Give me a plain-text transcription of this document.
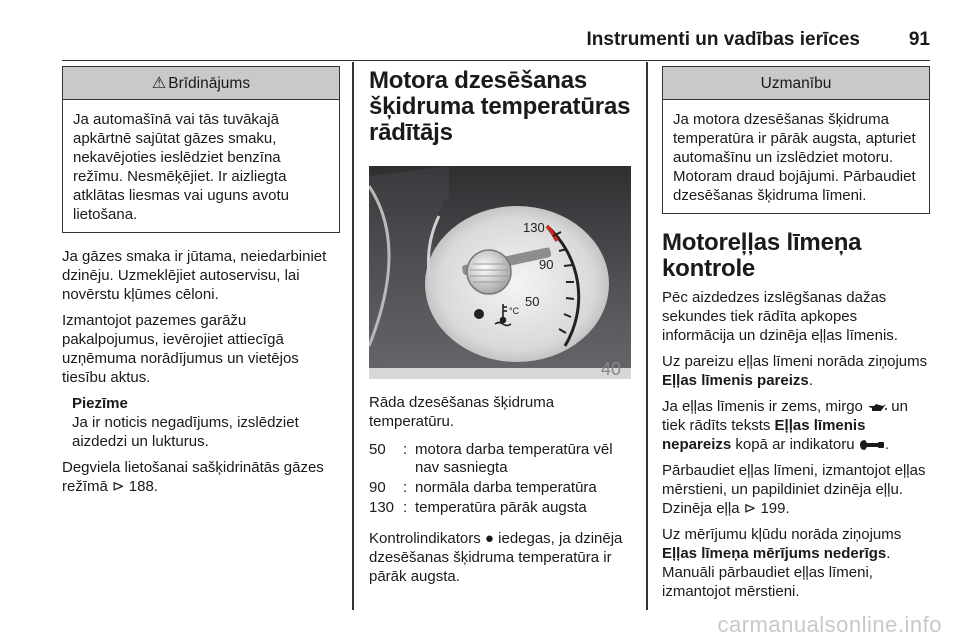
Instrumenti un vadības ierīces	91
⚠ Brīdinājums
Ja automašīnā vai tās tuvākajā apkārtnē sajūtat gāzes smaku, nekavējoties ieslēdziet benzīna režīmu. Nesmēķējiet. Ir aizliegta atklātas liesmas vai uguns avotu lietošana.

Ja gāzes smaka ir jūtama, neiedarbiniet dzinēju. Uzmeklējiet autoservisu, lai novērstu kļūmes cēloni.

Izmantojot pazemes garāžu pakalpojumus, ievērojiet attiecīgā uzņēmuma norādījumus un vietējos tiesību aktus.

Piezīme
Ja ir noticis negadījums, izslēdziet aizdedzi un lukturus.

Degviela lietošanai sašķidrinātās gāzes režīmā ⊳ 188.

Motora dzesēšanas šķidruma temperatūras rādītājs
130
90
50
°C
40

Rāda dzesēšanas šķidruma temperatūru.

50	:	motora darba temperatūra vēl nav sasniegta
90	:	normāla darba temperatūra
130	:	temperatūra pārāk augsta

Kontrolindikators ● iedegas, ja dzinēja dzesēšanas šķidruma temperatūra ir pārāk augsta.

Uzmanību
Ja motora dzesēšanas šķidruma temperatūra ir pārāk augsta, apturiet automašīnu un izslēdziet motoru. Motoram draud bojājumi. Pārbaudiet dzesēšanas šķidruma līmeni.
Motoreļļas līmeņa kontrole

Pēc aizdedzes izslēgšanas dažas sekundes tiek rādīta apkopes informācija un dzinēja eļļas līmenis.

Uz pareizu eļļas līmeni norāda ziņojums Eļļas līmenis pareizs.

Ja eļļas līmenis ir zems, mirgo un tiek rādīts teksts Eļļas līmenis nepareizs kopā ar indikatoru .

Pārbaudiet eļļas līmeni, izmantojot eļļas mērstieni, un papildiniet dzinēja eļļu. Dzinēja eļļa ⊳ 199.

Uz mērījumu kļūdu norāda ziņojums Eļļas līmeņa mērījums nederīgs. Manuāli pārbaudiet eļļas līmeni, izmantojot mērstieni.

carmanualsonline.info
